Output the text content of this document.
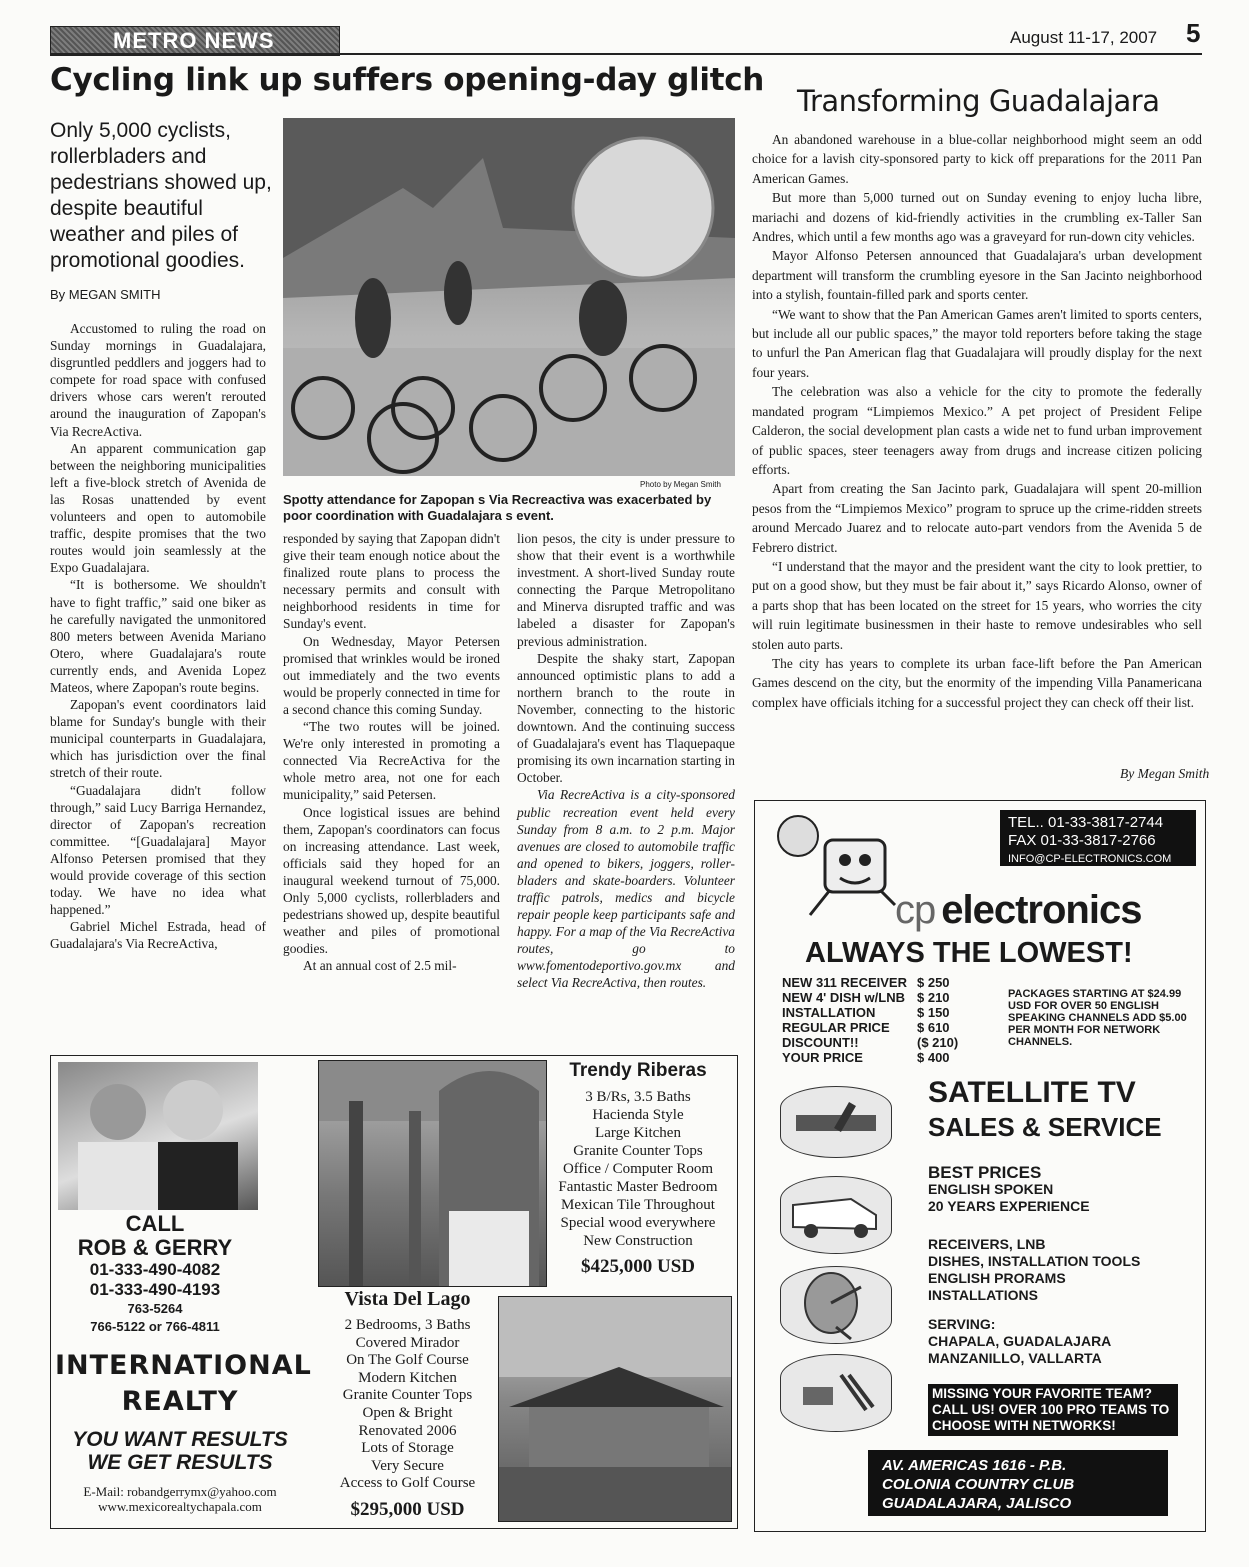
METRO NEWS	August 11-17, 2007 5
Cycling link up suffers opening-day glitch
Only 5,000 cyclists, rollerbladers and pedestrians showed up, despite beautiful weather and piles of promotional goodies.
By MEGAN SMITH

Accustomed to ruling the road on Sunday mornings in Guadalajara, disgruntled peddlers and joggers had to compete for road space with confused drivers whose cars weren't rerouted around the inauguration of Zapopan's Via RecreActiva.

An apparent communication gap between the neighboring municipalities left a five-block stretch of Avenida de las Rosas unattended by event volunteers and open to automobile traffic, despite promises that the two routes would join seamlessly at the Expo Guadalajara.

“It is bothersome. We shouldn't have to fight traffic,” said one biker as he carefully navigated the unmonitored 800 meters between Avenida Mariano Otero, where Guadalajara's route currently ends, and Avenida Lopez Mateos, where Zapopan's route begins.

Zapopan's event coordinators laid blame for Sunday's bungle with their municipal counterparts in Guadalajara, which has jurisdiction over the final stretch of their route.

“Guadalajara didn't follow through,” said Lucy Barriga Hernandez, director of Zapopan's recreation committee. “[Guadalajara] Mayor Alfonso Petersen promised that they would provide coverage of this section today. We have no idea what happened.”

Gabriel Michel Estrada, head of Guadalajara's Via RecreActiva,

Photo by Megan Smith
Spotty attendance for Zapopan s Via Recreactiva was exacerbated by poor coordination with Guadalajara s event.

responded by saying that Zapopan didn't give their team enough notice about the finalized route plans to process the necessary permits and consult with neighborhood residents in time for Sunday's event.

On Wednesday, Mayor Petersen promised that wrinkles would be ironed out immediately and the two events would be properly connected in time for a second chance this coming Sunday.

“The two routes will be joined. We're only interested in promoting a connected Via RecreActiva for the whole metro area, not one for each municipality,” said Petersen.

Once logistical issues are behind them, Zapopan's coordinators can focus on increasing attendance. Last week, officials said they hoped for an inaugural weekend turnout of 75,000. Only 5,000 cyclists, rollerbladers and pedestrians showed up, despite beautiful weather and piles of promotional goodies.

At an annual cost of 2.5 mil-

lion pesos, the city is under pressure to show that their event is a worthwhile investment. A short-lived Sunday route connecting the Parque Metropolitano and Minerva disrupted traffic and was labeled a disaster for Zapopan's previous administration.

Despite the shaky start, Zapopan announced optimistic plans to add a northern branch to the route in November, connecting to the historic downtown. And the continuing success of Guadalajara's event has Tlaquepaque promising its own incarnation starting in October.

Via RecreActiva is a city-sponsored public recreation event held every Sunday from 8 a.m. to 2 p.m. Major avenues are closed to automobile traffic and opened to bikers, joggers, roller-bladers and skate-boarders. Volunteer traffic patrols, medics and bicycle repair people keep participants safe and happy. For a map of the Via RecreActiva routes, go to www.fomentodeportivo.gov.mx and select Via RecreActiva, then routes.

Transforming Guadalajara

An abandoned warehouse in a blue-collar neighborhood might seem an odd choice for a lavish city-sponsored party to kick off preparations for the 2011 Pan American Games.

But more than 5,000 turned out on Sunday evening to enjoy lucha libre, mariachi and dozens of kid-friendly activities in the crumbling ex-Taller San Andres, which until a few months ago was a graveyard for run-down city vehicles.

Mayor Alfonso Petersen announced that Guadalajara's urban development department will transform the crumbling eyesore in the San Jacinto neighborhood into a stylish, fountain-filled park and sports center.

“We want to show that the Pan American Games aren't limited to sports centers, but include all our public spaces,” the mayor told reporters before taking the stage to unfurl the Pan American flag that Guadalajara will proudly display for the next four years.

The celebration was also a vehicle for the city to promote the federally mandated program “Limpiemos Mexico.” A pet project of President Felipe Calderon, the social development plan casts a wide net to fund urban improvement of public spaces, steer teenagers away from drugs and increase citizen policing efforts.

Apart from creating the San Jacinto park, Guadalajara will spent 20-million pesos from the “Limpiemos Mexico” program to spruce up the crime-ridden streets around Mercado Juarez and to relocate auto-part vendors from the Avenida 5 de Febrero district.

“I understand that the mayor and the president want the city to look prettier, to put on a good show, but they must be fair about it,” says Ricardo Alonso, owner of a parts shop that has been located on the street for 15 years, who worries the city will ruin legitimate businessmen in their haste to remove undesirables who sell stolen auto parts.

The city has years to complete its urban face-lift before the Pan American Games descend on the city, but the enormity of the impending Villa Panamericana complex have officials itching for a successful project they can check off their list.

By Megan Smith
CALL
ROB & GERRY
01-333-490-4082
01-333-490-4193
763-5264
766-5122 or 766-4811
INTERNATIONAL
REALTY
YOU WANT RESULTS
WE GET RESULTS
E-Mail: robandgerrymx@yahoo.com
www.mexicorealtychapala.com
Trendy Riberas
3 B/Rs, 3.5 Baths
Hacienda Style
Large Kitchen
Granite Counter Tops
Office / Computer Room
Fantastic Master Bedroom
Mexican Tile Throughout
Special wood everywhere
New Construction
$425,000 USD
Vista Del Lago
2 Bedrooms, 3 Baths
Covered Mirador
On The Golf Course
Modern Kitchen
Granite Counter Tops
Open & Bright
Renovated 2006
Lots of Storage
Very Secure
Access to Golf Course
$295,000 USD
TEL.. 01-33-3817-2744
FAX 01-33-3817-2766
INFO@CP-ELECTRONICS.COM
cp electronics
ALWAYS THE LOWEST!
NEW 311 RECEIVER	$ 250
NEW 4' DISH w/LNB	$ 210
INSTALLATION	$ 150
REGULAR PRICE	$ 610
DISCOUNT!!	($ 210)
YOUR PRICE	$ 400
PACKAGES STARTING AT $24.99 USD FOR OVER 50 ENGLISH SPEAKING CHANNELS ADD $5.00 PER MONTH FOR NETWORK CHANNELS.
SATELLITE TV
SALES & SERVICE
BEST PRICES
ENGLISH SPOKEN
20 YEARS EXPERIENCE
RECEIVERS, LNB
DISHES, INSTALLATION TOOLS
ENGLISH PRORAMS
INSTALLATIONS
SERVING:
CHAPALA, GUADALAJARA
MANZANILLO, VALLARTA
MISSING YOUR FAVORITE TEAM? CALL US! OVER 100 PRO TEAMS TO CHOOSE WITH NETWORKS!
AV. AMERICAS 1616 - P.B.
COLONIA COUNTRY CLUB
GUADALAJARA, JALISCO
